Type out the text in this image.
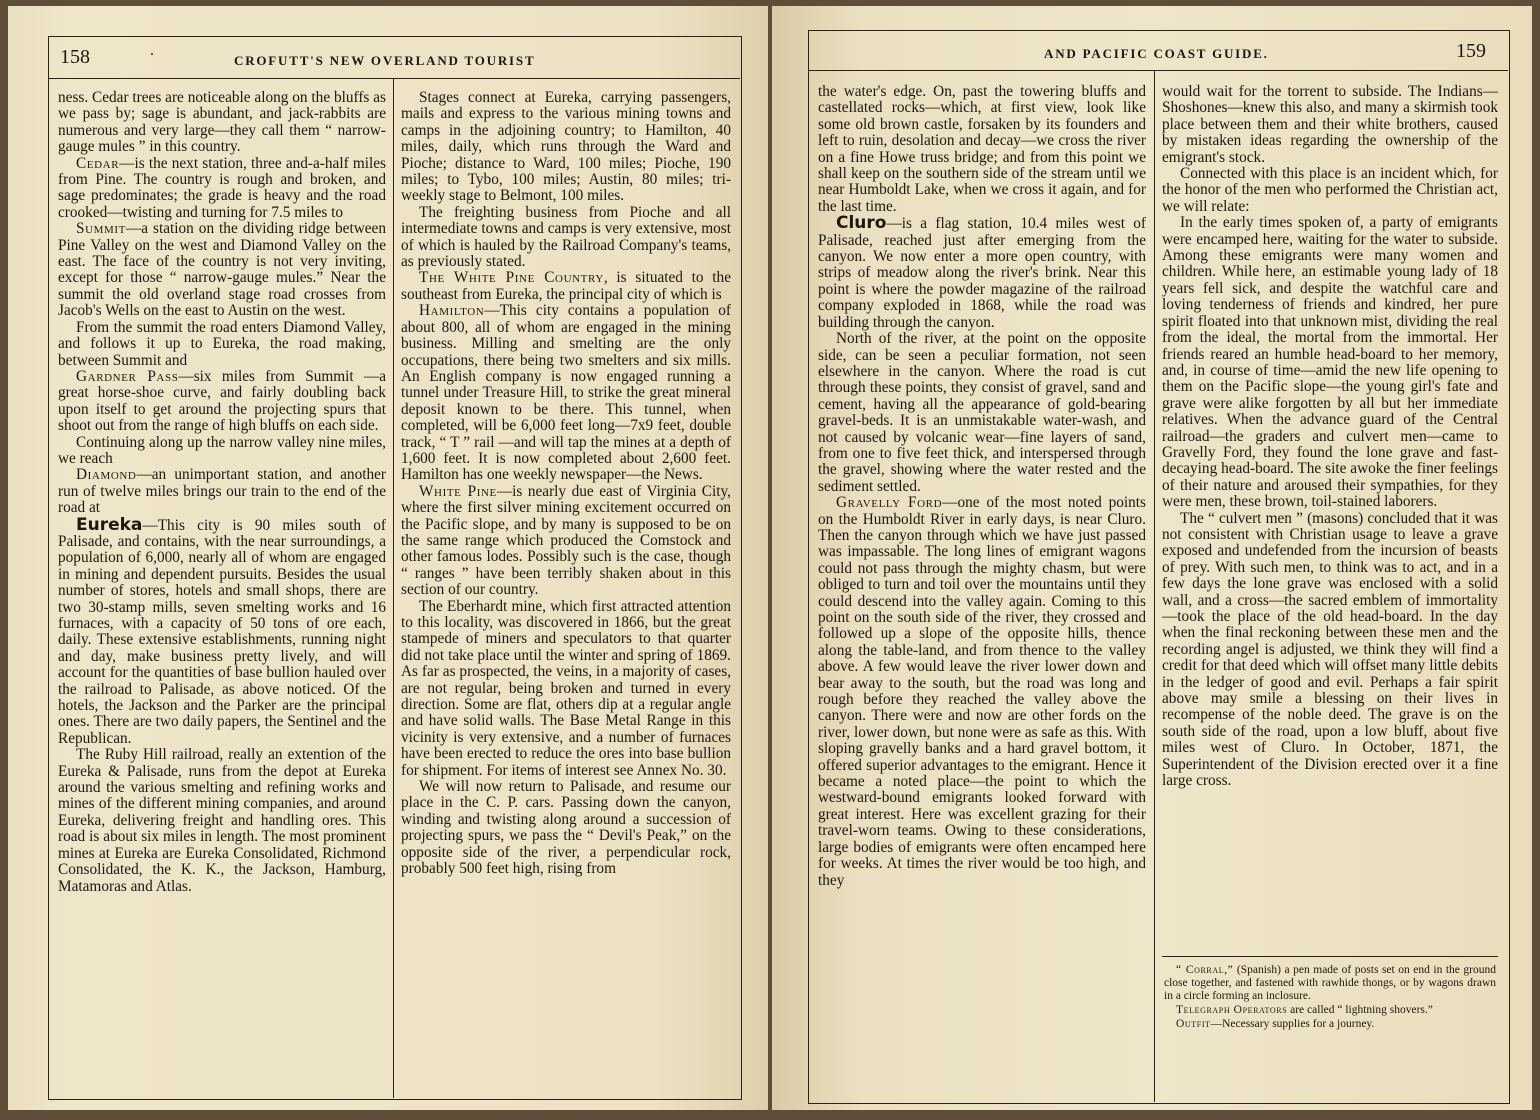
158	.
CROFUTT'S NEW OVERLAND TOURIST

ness. Cedar trees are noticeable along on the bluffs as we pass by; sage is abundant, and jack-rabbits are numerous and very large—they call them “ narrow-gauge mules ” in this country.

Cedar—is the next station, three and-a-half miles from Pine. The country is rough and broken, and sage predominates; the grade is heavy and the road crooked—twisting and turning for 7.5 miles to

Summit—a station on the dividing ridge between Pine Valley on the west and Diamond Valley on the east. The face of the country is not very inviting, except for those “ narrow-gauge mules.” Near the summit the old overland stage road crosses from Jacob's Wells on the east to Austin on the west.

From the summit the road enters Diamond Valley, and follows it up to Eureka, the road making, between Summit and

Gardner Pass—six miles from Summit —a great horse-shoe curve, and fairly doubling back upon itself to get around the projecting spurs that shoot out from the range of high bluffs on each side.

Continuing along up the narrow valley nine miles, we reach

Diamond—an unimportant station, and another run of twelve miles brings our train to the end of the road at

Eureka—This city is 90 miles south of Palisade, and contains, with the near surroundings, a population of 6,000, nearly all of whom are engaged in mining and dependent pursuits. Besides the usual number of stores, hotels and small shops, there are two 30-stamp mills, seven smelting works and 16 furnaces, with a capacity of 50 tons of ore each, daily. These extensive establishments, running night and day, make business pretty lively, and will account for the quantities of base bullion hauled over the railroad to Palisade, as above noticed. Of the hotels, the Jackson and the Parker are the principal ones. There are two daily papers, the Sentinel and the Republican.

The Ruby Hill railroad, really an extention of the Eureka & Palisade, runs from the depot at Eureka around the various smelting and refining works and mines of the different mining companies, and around Eureka, delivering freight and handling ores. This road is about six miles in length. The most prominent mines at Eureka are Eureka Consolidated, Richmond Consolidated, the K. K., the Jackson, Hamburg, Matamoras and Atlas.

Stages connect at Eureka, carrying passengers, mails and express to the various mining towns and camps in the adjoining country; to Hamilton, 40 miles, daily, which runs through the Ward and Pioche; distance to Ward, 100 miles; Pioche, 190 miles; to Tybo, 100 miles; Austin, 80 miles; tri-weekly stage to Belmont, 100 miles.

The freighting business from Pioche and all intermediate towns and camps is very extensive, most of which is hauled by the Railroad Company's teams, as previously stated.

The White Pine Country, is situated to the southeast from Eureka, the principal city of which is

Hamilton—This city contains a population of about 800, all of whom are engaged in the mining business. Milling and smelting are the only occupations, there being two smelters and six mills. An English company is now engaged running a tunnel under Treasure Hill, to strike the great mineral deposit known to be there. This tunnel, when completed, will be 6,000 feet long—7x9 feet, double track, “ T ” rail —and will tap the mines at a depth of 1,600 feet. It is now completed about 2,600 feet. Hamilton has one weekly newspaper—the News.

White Pine—is nearly due east of Virginia City, where the first silver mining excitement occurred on the Pacific slope, and by many is supposed to be on the same range which produced the Comstock and other famous lodes. Possibly such is the case, though “ ranges ” have been terribly shaken about in this section of our country.

The Eberhardt mine, which first attracted attention to this locality, was discovered in 1866, but the great stampede of miners and speculators to that quarter did not take place until the winter and spring of 1869. As far as prospected, the veins, in a majority of cases, are not regular, being broken and turned in every direction. Some are flat, others dip at a regular angle and have solid walls. The Base Metal Range in this vicinity is very extensive, and a number of furnaces have been erected to reduce the ores into base bullion for shipment. For items of interest see Annex No. 30.

We will now return to Palisade, and resume our place in the C. P. cars. Passing down the canyon, winding and twisting along around a succession of projecting spurs, we pass the “ Devil's Peak,” on the opposite side of the river, a perpendicular rock, probably 500 feet high, rising from

AND PACIFIC COAST GUIDE.	159

the water's edge. On, past the towering bluffs and castellated rocks—which, at first view, look like some old brown castle, forsaken by its founders and left to ruin, desolation and decay—we cross the river on a fine Howe truss bridge; and from this point we shall keep on the southern side of the stream until we near Humboldt Lake, when we cross it again, and for the last time.

Cluro—is a flag station, 10.4 miles west of Palisade, reached just after emerging from the canyon. We now enter a more open country, with strips of meadow along the river's brink. Near this point is where the powder magazine of the railroad company exploded in 1868, while the road was building through the canyon.

North of the river, at the point on the opposite side, can be seen a peculiar formation, not seen elsewhere in the canyon. Where the road is cut through these points, they consist of gravel, sand and cement, having all the appearance of gold-bearing gravel-beds. It is an unmistakable water-wash, and not caused by volcanic wear—fine layers of sand, from one to five feet thick, and interspersed through the gravel, showing where the water rested and the sediment settled.

Gravelly Ford—one of the most noted points on the Humboldt River in early days, is near Cluro. Then the canyon through which we have just passed was impassable. The long lines of emigrant wagons could not pass through the mighty chasm, but were obliged to turn and toil over the mountains until they could descend into the valley again. Coming to this point on the south side of the river, they crossed and followed up a slope of the opposite hills, thence along the table-land, and from thence to the valley above. A few would leave the river lower down and bear away to the south, but the road was long and rough before they reached the valley above the canyon. There were and now are other fords on the river, lower down, but none were as safe as this. With sloping gravelly banks and a hard gravel bottom, it offered superior advantages to the emigrant. Hence it became a noted place—the point to which the westward-bound emigrants looked forward with great interest. Here was excellent grazing for their travel-worn teams. Owing to these considerations, large bodies of emigrants were often encamped here for weeks. At times the river would be too high, and they

would wait for the torrent to subside. The Indians—Shoshones—knew this also, and many a skirmish took place between them and their white brothers, caused by mistaken ideas regarding the ownership of the emigrant's stock.

Connected with this place is an incident which, for the honor of the men who performed the Christian act, we will relate:

In the early times spoken of, a party of emigrants were encamped here, waiting for the water to subside. Among these emigrants were many women and children. While here, an estimable young lady of 18 years fell sick, and despite the watchful care and loving tenderness of friends and kindred, her pure spirit floated into that unknown mist, dividing the real from the ideal, the mortal from the immortal. Her friends reared an humble head-board to her memory, and, in course of time—amid the new life opening to them on the Pacific slope—the young girl's fate and grave were alike forgotten by all but her immediate relatives. When the advance guard of the Central railroad—the graders and culvert men—came to Gravelly Ford, they found the lone grave and fast-decaying head-board. The site awoke the finer feelings of their nature and aroused their sympathies, for they were men, these brown, toil-stained laborers.

The “ culvert men ” (masons) concluded that it was not consistent with Christian usage to leave a grave exposed and undefended from the incursion of beasts of prey. With such men, to think was to act, and in a few days the lone grave was enclosed with a solid wall, and a cross—the sacred emblem of immortality—took the place of the old head-board. In the day when the final reckoning between these men and the recording angel is adjusted, we think they will find a credit for that deed which will offset many little debits in the ledger of good and evil. Perhaps a fair spirit above may smile a blessing on their lives in recompense of the noble deed. The grave is on the south side of the road, upon a low bluff, about five miles west of Cluro. In October, 1871, the Superintendent of the Division erected over it a fine large cross.

“ Corral,” (Spanish) a pen made of posts set on end in the ground close together, and fastened with rawhide thongs, or by wagons drawn in a circle forming an inclosure.

Telegraph Operators are called “ lightning shovers.”

Outfit—Necessary supplies for a journey.
